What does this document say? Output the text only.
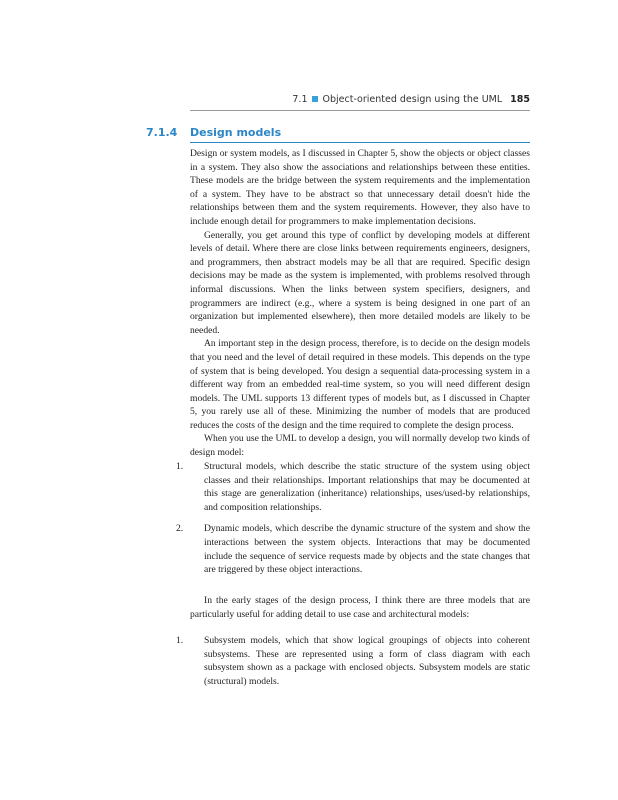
7.1 Object-oriented design using the UML 185
7.1.4 Design models

Design or system models, as I discussed in Chapter 5, show the objects or object classes in a system. They also show the associations and relationships between these entities. These models are the bridge between the system requirements and the implementation of a system. They have to be abstract so that unnecessary detail doesn't hide the relationships between them and the system requirements. However, they also have to include enough detail for programmers to make implementation decisions.

Generally, you get around this type of conflict by developing models at different levels of detail. Where there are close links between requirements engineers, designers, and programmers, then abstract models may be all that are required. Specific design decisions may be made as the system is implemented, with problems resolved through informal discussions. When the links between system specifiers, designers, and programmers are indirect (e.g., where a system is being designed in one part of an organization but implemented elsewhere), then more detailed models are likely to be needed.

An important step in the design process, therefore, is to decide on the design models that you need and the level of detail required in these models. This depends on the type of system that is being developed. You design a sequential data-processing system in a different way from an embedded real-time system, so you will need different design models. The UML supports 13 different types of models but, as I discussed in Chapter 5, you rarely use all of these. Minimizing the number of models that are produced reduces the costs of the design and the time required to complete the design process.

When you use the UML to develop a design, you will normally develop two kinds of design model:

1.	Structural models, which describe the static structure of the system using object classes and their relationships. Important relationships that may be documented at this stage are generalization (inheritance) relationships, uses/used-by relationships, and composition relationships.
2.	Dynamic models, which describe the dynamic structure of the system and show the interactions between the system objects. Interactions that may be documented include the sequence of service requests made by objects and the state changes that are triggered by these object interactions.

In the early stages of the design process, I think there are three models that are particularly useful for adding detail to use case and architectural models:

1.	Subsystem models, which that show logical groupings of objects into coherent subsystems. These are represented using a form of class diagram with each subsystem shown as a package with enclosed objects. Subsystem models are static (structural) models.
